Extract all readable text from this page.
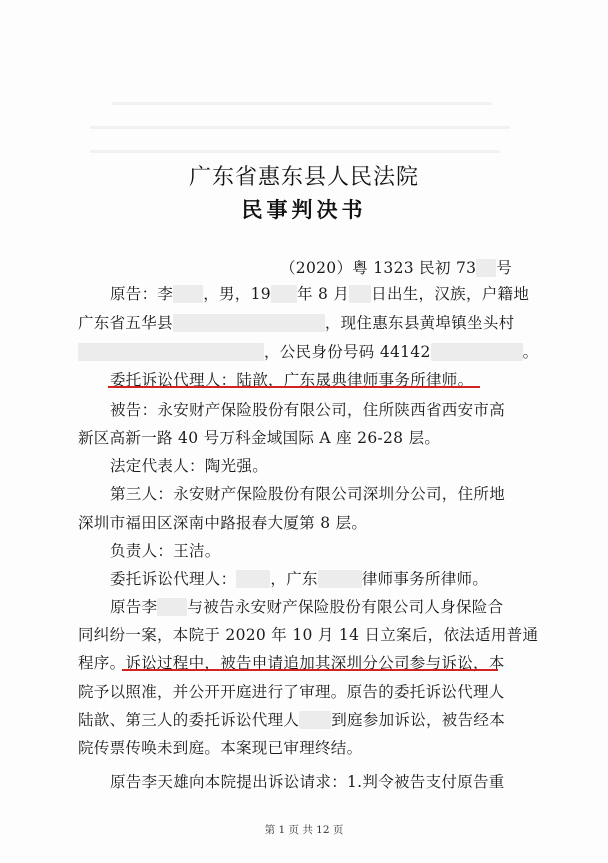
广东省惠东县人民法院
民事判决书
（2020）粤 1323 民初 73 号
原告：李 ，男，19 年 8 月 日出生，汉族，户籍地
广东省五华县	，现住惠东县黄埠镇坐头村
，公民身份号码 44142	。
委托诉讼代理人：陆歆，广东晟典律师事务所律师。
被告：永安财产保险股份有限公司，住所陕西省西安市高
新区高新一路 40 号万科金域国际 A 座 26-28 层。
法定代表人：陶光强。
第三人：永安财产保险股份有限公司深圳分公司，住所地
深圳市福田区深南中路报春大厦第 8 层。
负责人：王洁。
委托诉讼代理人： ，广东	律师事务所律师。
原告李 与被告永安财产保险股份有限公司人身保险合
同纠纷一案，本院于 2020 年 10 月 14 日立案后，依法适用普通
程序。诉讼过程中，被告申请追加其深圳分公司参与诉讼，本
院予以照准，并公开开庭进行了审理。原告的委托诉讼代理人
陆歆、第三人的委托诉讼代理人 到庭参加诉讼，被告经本
院传票传唤未到庭。本案现已审理终结。
原告李天雄向本院提出诉讼请求：1.判令被告支付原告重
第 1 页 共 12 页
